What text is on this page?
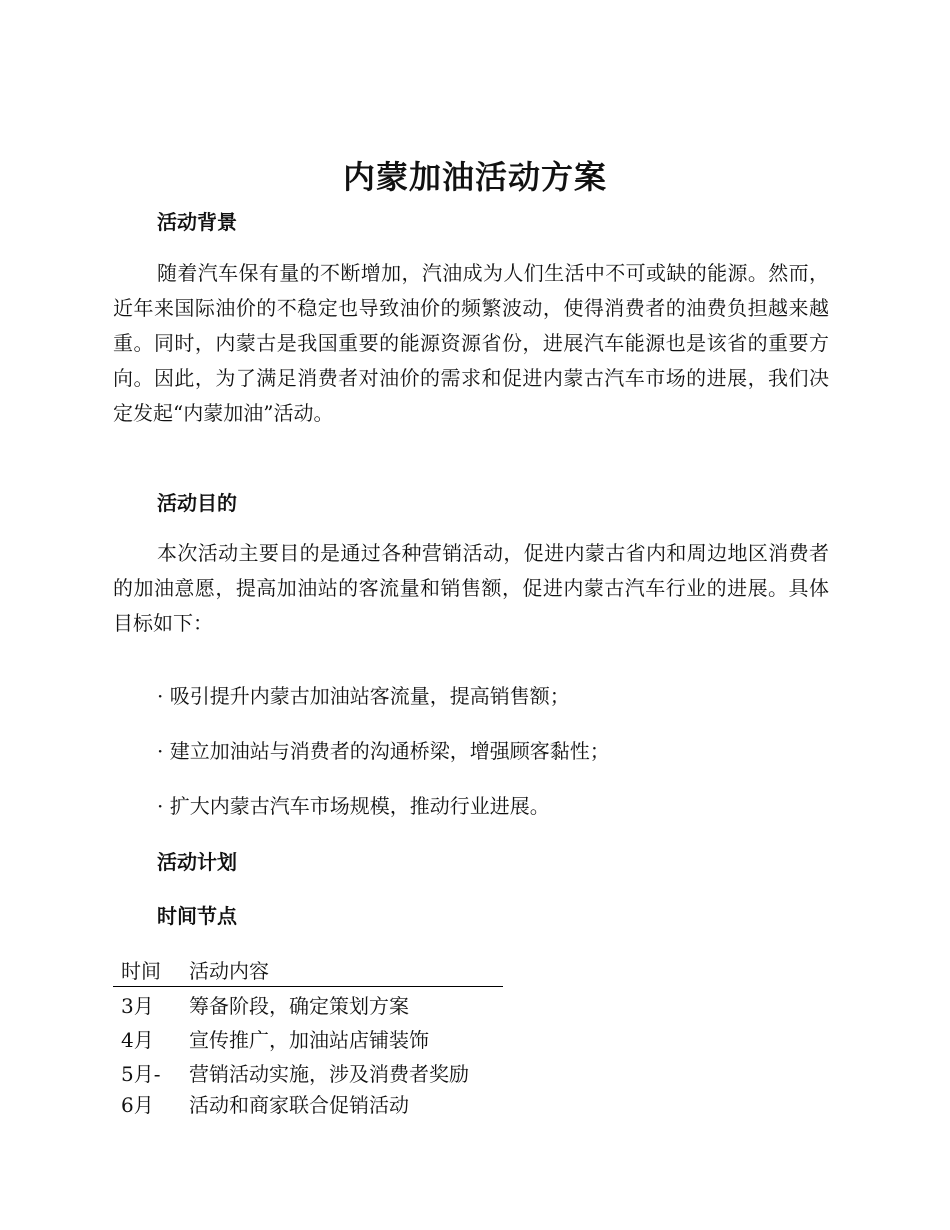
内蒙加油活动方案
活动背景
随着汽车保有量的不断增加，汽油成为人们生活中不可或缺的能源。然而，近年来国际油价的不稳定也导致油价的频繁波动，使得消费者的油费负担越来越重。同时，内蒙古是我国重要的能源资源省份，进展汽车能源也是该省的重要方向。因此，为了满足消费者对油价的需求和促进内蒙古汽车市场的进展，我们决定发起“内蒙加油”活动。
活动目的
本次活动主要目的是通过各种营销活动，促进内蒙古省内和周边地区消费者的加油意愿，提高加油站的客流量和销售额，促进内蒙古汽车行业的进展。具体目标如下：
· 吸引提升内蒙古加油站客流量，提高销售额；
· 建立加油站与消费者的沟通桥梁，增强顾客黏性；
· 扩大内蒙古汽车市场规模，推动行业进展。
活动计划
时间节点
时间	活动内容
3月	筹备阶段，确定策划方案
4月	宣传推广，加油站店铺装饰
5月-	营销活动实施，涉及消费者奖励
6月	活动和商家联合促销活动
